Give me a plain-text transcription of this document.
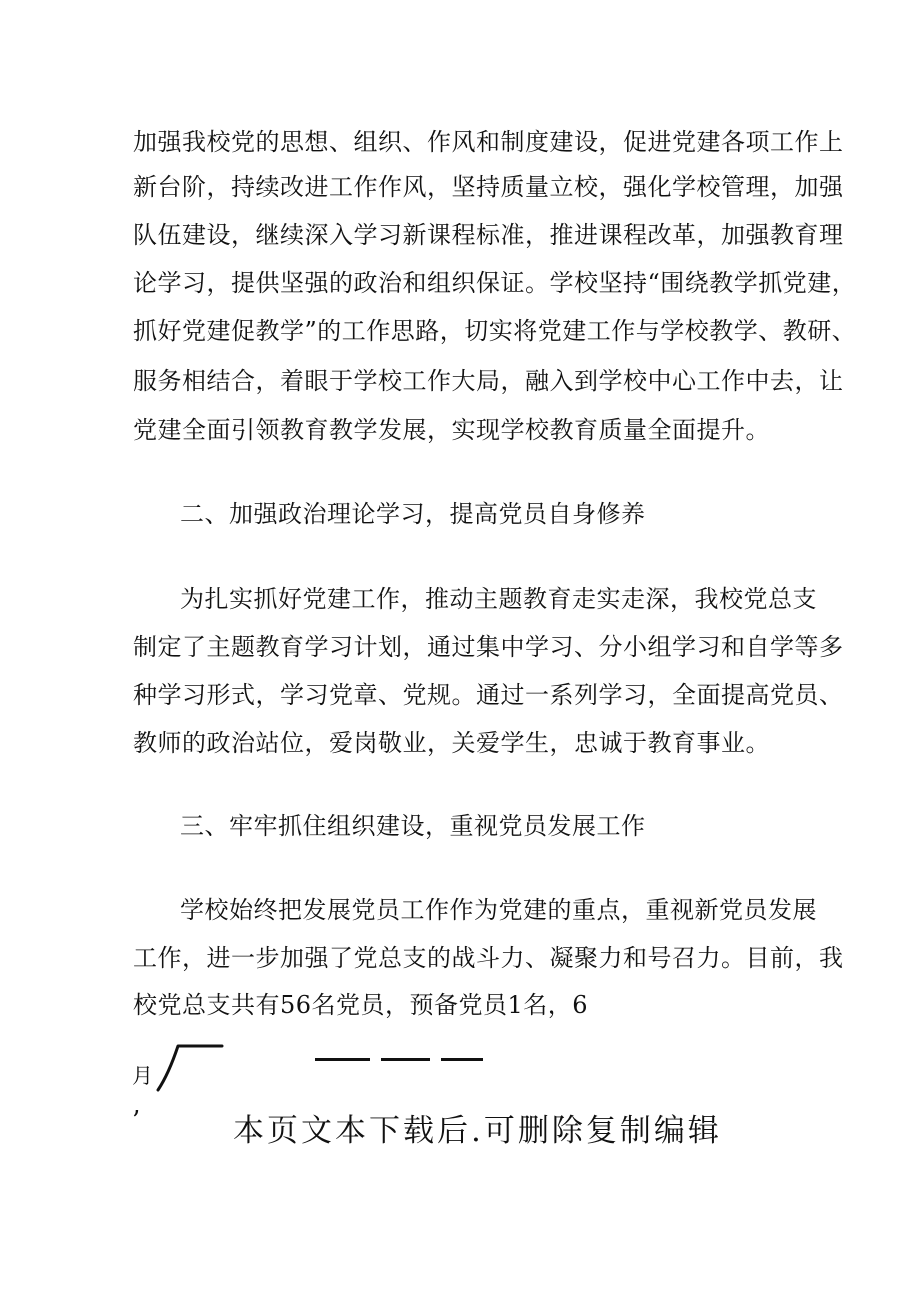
加强我校党的思想、组织、作风和制度建设，促进党建各项工作上
新台阶，持续改进工作作风，坚持质量立校，强化学校管理，加强
队伍建设，继续深入学习新课程标准，推进课程改革，加强教育理
论学习，提供坚强的政治和组织保证。学校坚持“围绕教学抓党建，
抓好党建促教学”的工作思路，切实将党建工作与学校教学、教研、
服务相结合，着眼于学校工作大局，融入到学校中心工作中去，让
党建全面引领教育教学发展，实现学校教育质量全面提升。
二、加强政治理论学习，提高党员自身修养
为扎实抓好党建工作，推动主题教育走实走深，我校党总支
制定了主题教育学习计划，通过集中学习、分小组学习和自学等多
种学习形式，学习党章、党规。通过一系列学习，全面提高党员、
教师的政治站位，爱岗敬业，关爱学生，忠诚于教育事业。
三、牢牢抓住组织建设，重视党员发展工作
学校始终把发展党员工作作为党建的重点，重视新党员发展
工作，进一步加强了党总支的战斗力、凝聚力和号召力。目前，我
校党总支共有56名党员，预备党员1名，6
月
’	本页文本下载后.可删除复制编辑
